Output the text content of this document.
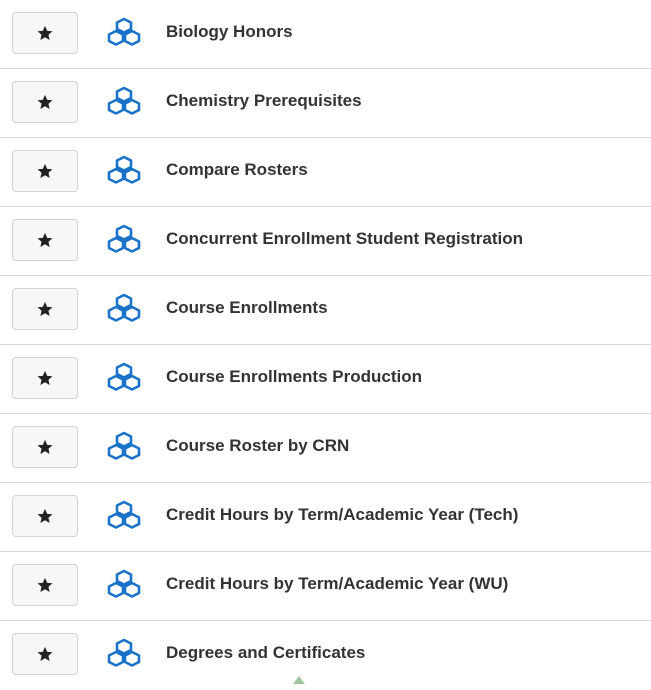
Biology Honors
Chemistry Prerequisites
Compare Rosters
Concurrent Enrollment Student Registration
Course Enrollments
Course Enrollments Production
Course Roster by CRN
Credit Hours by Term/Academic Year (Tech)
Credit Hours by Term/Academic Year (WU)
Degrees and Certificates
